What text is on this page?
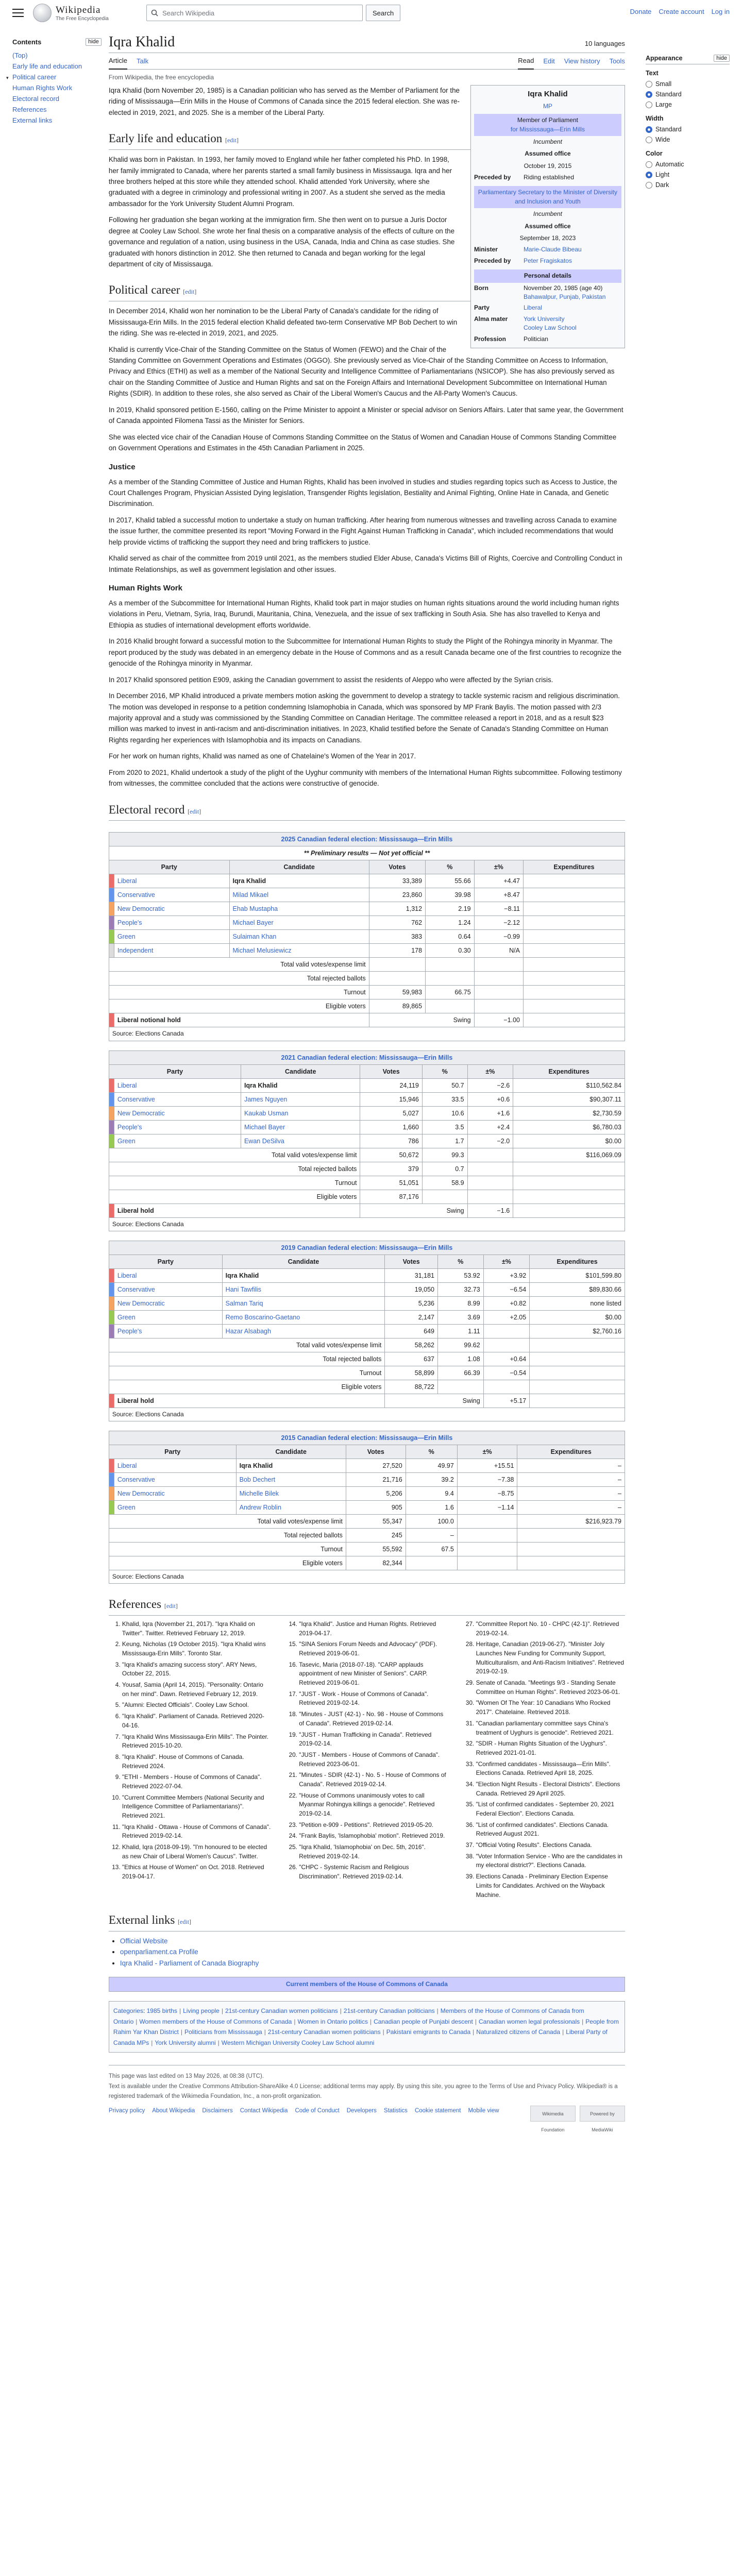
Wikipedia
The Free Encyclopedia
Search Wikipedia	Search	Donate Create account Log in
Contents	hide
(Top)
Early life and education
▾ Political career
Human Rights Work
Electoral record
References
External links
Iqra Khalid	10 languages
Article Talk	Read Edit View history Tools
From Wikipedia, the free encyclopedia
Iqra Khalid
MP
Member of Parliament
for Mississauga—Erin Mills
Incumbent
Assumed office
October 19, 2015
Preceded by	Riding established
Parliamentary Secretary to the Minister of Diversity and Inclusion and Youth
Incumbent
Assumed office
September 18, 2023
Minister	Marie-Claude Bibeau
Preceded by	Peter Fragiskatos
Personal details
Born	November 20, 1985 (age 40)
Bahawalpur, Punjab, Pakistan
Party	Liberal
Alma mater	York University
Cooley Law School
Profession	Politician

Iqra Khalid (born November 20, 1985) is a Canadian politician who has served as the Member of Parliament for the riding of Mississauga—Erin Mills in the House of Commons of Canada since the 2015 federal election. She was re-elected in 2019, 2021, and 2025. She is a member of the Liberal Party.

Early life and education [edit]

Khalid was born in Pakistan. In 1993, her family moved to England while her father completed his PhD. In 1998, her family immigrated to Canada, where her parents started a small family business in Mississauga. Iqra and her three brothers helped at this store while they attended school. Khalid attended York University, where she graduated with a degree in criminology and professional writing in 2007. As a student she served as the media ambassador for the York University Student Alumni Program.

Following her graduation she began working at the immigration firm. She then went on to pursue a Juris Doctor degree at Cooley Law School. She wrote her final thesis on a comparative analysis of the effects of culture on the governance and regulation of a nation, using business in the USA, Canada, India and China as case studies. She graduated with honors distinction in 2012. She then returned to Canada and began working for the legal department of city of Mississauga.

Political career [edit]

In December 2014, Khalid won her nomination to be the Liberal Party of Canada's candidate for the riding of Mississauga-Erin Mills. In the 2015 federal election Khalid defeated two-term Conservative MP Bob Dechert to win the riding. She was re-elected in 2019, 2021, and 2025.

Khalid is currently Vice-Chair of the Standing Committee on the Status of Women (FEWO) and the Chair of the Standing Committee on Government Operations and Estimates (OGGO). She previously served as Vice-Chair of the Standing Committee on Access to Information, Privacy and Ethics (ETHI) as well as a member of the National Security and Intelligence Committee of Parliamentarians (NSICOP). She has also previously served as chair on the Standing Committee of Justice and Human Rights and sat on the Foreign Affairs and International Development Subcommittee on International Human Rights (SDIR). In addition to these roles, she also served as Chair of the Liberal Women's Caucus and the All-Party Women's Caucus.

In 2019, Khalid sponsored petition E-1560, calling on the Prime Minister to appoint a Minister or special advisor on Seniors Affairs. Later that same year, the Government of Canada appointed Filomena Tassi as the Minister for Seniors.

She was elected vice chair of the Canadian House of Commons Standing Committee on the Status of Women and Canadian House of Commons Standing Committee on Government Operations and Estimates in the 45th Canadian Parliament in 2025.

Justice

As a member of the Standing Committee of Justice and Human Rights, Khalid has been involved in studies and studies regarding topics such as Access to Justice, the Court Challenges Program, Physician Assisted Dying legislation, Transgender Rights legislation, Bestiality and Animal Fighting, Online Hate in Canada, and Genetic Discrimination.

In 2017, Khalid tabled a successful motion to undertake a study on human trafficking. After hearing from numerous witnesses and travelling across Canada to examine the issue further, the committee presented its report "Moving Forward in the Fight Against Human Trafficking in Canada", which included recommendations that would help provide victims of trafficking the support they need and bring traffickers to justice.

Khalid served as chair of the committee from 2019 until 2021, as the members studied Elder Abuse, Canada's Victims Bill of Rights, Coercive and Controlling Conduct in Intimate Relationships, as well as government legislation and other issues.

Human Rights Work

As a member of the Subcommittee for International Human Rights, Khalid took part in major studies on human rights situations around the world including human rights violations in Peru, Vietnam, Syria, Iraq, Burundi, Mauritania, China, Venezuela, and the issue of sex trafficking in South Asia. She has also travelled to Kenya and Ethiopia as studies of international development efforts worldwide.

In 2016 Khalid brought forward a successful motion to the Subcommittee for International Human Rights to study the Plight of the Rohingya minority in Myanmar. The report produced by the study was debated in an emergency debate in the House of Commons and as a result Canada became one of the first countries to recognize the genocide of the Rohingya minority in Myanmar.

In 2017 Khalid sponsored petition E909, asking the Canadian government to assist the residents of Aleppo who were affected by the Syrian crisis.

In December 2016, MP Khalid introduced a private members motion asking the government to develop a strategy to tackle systemic racism and religious discrimination. The motion was developed in response to a petition condemning Islamophobia in Canada, which was sponsored by MP Frank Baylis. The motion passed with 2/3 majority approval and a study was commissioned by the Standing Committee on Canadian Heritage. The committee released a report in 2018, and as a result $23 million was marked to invest in anti-racism and anti-discrimination initiatives. In 2023, Khalid testified before the Senate of Canada's Standing Committee on Human Rights regarding her experiences with Islamophobia and its impacts on Canadians.

For her work on human rights, Khalid was named as one of Chatelaine's Women of the Year in 2017.

From 2020 to 2021, Khalid undertook a study of the plight of the Uyghur community with members of the International Human Rights subcommittee. Following testimony from witnesses, the committee concluded that the actions were constructive of genocide.

Electoral record [edit]
2025 Canadian federal election: Mississauga—Erin Mills						
** Preliminary results — Not yet official **						
Party		Candidate	Votes	%	±%	Expenditures
	Liberal	Iqra Khalid	33,389	55.66	+4.47	
	Conservative	Milad Mikael	23,860	39.98	+8.47	
	New Democratic	Ehab Mustapha	1,312	2.19	−8.11	
	People's	Michael Bayer	762	1.24	−2.12	
	Green	Sulaiman Khan	383	0.64	−0.99	
	Independent	Michael Melusiewicz	178	0.30	N/A	
Total valid votes/expense limit						
Total rejected ballots						
Turnout			59,983	66.75		
Eligible voters			89,865			
	Liberal notional hold		Swing		−1.00	
Source: Elections Canada						
2021 Canadian federal election: Mississauga—Erin Mills						
Party		Candidate	Votes	%	±%	Expenditures
	Liberal	Iqra Khalid	24,119	50.7	−2.6	$110,562.84
	Conservative	James Nguyen	15,946	33.5	+0.6	$90,307.11
	New Democratic	Kaukab Usman	5,027	10.6	+1.6	$2,730.59
	People's	Michael Bayer	1,660	3.5	+2.4	$6,780.03
	Green	Ewan DeSilva	786	1.7	−2.0	$0.00
Total valid votes/expense limit			50,672	99.3		$116,069.09
Total rejected ballots			379	0.7		
Turnout			51,051	58.9		
Eligible voters			87,176			
	Liberal hold		Swing		−1.6	
Source: Elections Canada						
2019 Canadian federal election: Mississauga—Erin Mills						
Party		Candidate	Votes	%	±%	Expenditures
	Liberal	Iqra Khalid	31,181	53.92	+3.92	$101,599.80
	Conservative	Hani Tawfilis	19,050	32.73	−6.54	$89,830.66
	New Democratic	Salman Tariq	5,236	8.99	+0.82	none listed
	Green	Remo Boscarino-Gaetano	2,147	3.69	+2.05	$0.00
	People's	Hazar Alsabagh	649	1.11		$2,760.16
Total valid votes/expense limit			58,262	99.62		
Total rejected ballots			637	1.08	+0.64	
Turnout			58,899	66.39	−0.54	
Eligible voters			88,722			
	Liberal hold		Swing		+5.17	
Source: Elections Canada						
2015 Canadian federal election: Mississauga—Erin Mills						
Party		Candidate	Votes	%	±%	Expenditures
	Liberal	Iqra Khalid	27,520	49.97	+15.51	–
	Conservative	Bob Dechert	21,716	39.2	−7.38	–
	New Democratic	Michelle Bilek	5,206	9.4	−8.75	–
	Green	Andrew Roblin	905	1.6	−1.14	–
Total valid votes/expense limit			55,347	100.0		$216,923.79
Total rejected ballots			245	–		
Turnout			55,592	67.5		
Eligible voters			82,344			
Source: Elections Canada						
References [edit]
1. Khalid, Iqra (November 21, 2017). "Iqra Khalid on Twitter". Twitter. Retrieved February 12, 2019.
2. Keung, Nicholas (19 October 2015). "Iqra Khalid wins Mississauga-Erin Mills". Toronto Star.
3. "Iqra Khalid's amazing success story". ARY News, October 22, 2015.
4. Yousaf, Samia (April 14, 2015). "Personality: Ontario on her mind". Dawn. Retrieved February 12, 2019.
5. "Alumni: Elected Officials". Cooley Law School.
6. "Iqra Khalid". Parliament of Canada. Retrieved 2020-04-16.
7. "Iqra Khalid Wins Mississauga-Erin Mills". The Pointer. Retrieved 2015-10-20.
8. "Iqra Khalid". House of Commons of Canada. Retrieved 2024.
9. "ETHI - Members - House of Commons of Canada". Retrieved 2022-07-04.
10. "Current Committee Members (National Security and Intelligence Committee of Parliamentarians)". Retrieved 2021.
11. "Iqra Khalid - Ottawa - House of Commons of Canada". Retrieved 2019-02-14.
12. Khalid, Iqra (2018-09-19). "I'm honoured to be elected as new Chair of Liberal Women's Caucus". Twitter.
13. "Ethics at House of Women" on Oct. 2018. Retrieved 2019-04-17.
14. "Iqra Khalid". Justice and Human Rights. Retrieved 2019-04-17.
15. "SINA Seniors Forum Needs and Advocacy" (PDF). Retrieved 2019-06-01.
16. Tasevic, Maria (2018-07-18). "CARP applauds appointment of new Minister of Seniors". CARP. Retrieved 2019-06-01.
17. "JUST - Work - House of Commons of Canada". Retrieved 2019-02-14.
18. "Minutes - JUST (42-1) - No. 98 - House of Commons of Canada". Retrieved 2019-02-14.
19. "JUST - Human Trafficking in Canada". Retrieved 2019-02-14.
20. "JUST - Members - House of Commons of Canada". Retrieved 2023-06-01.
21. "Minutes - SDIR (42-1) - No. 5 - House of Commons of Canada". Retrieved 2019-02-14.
22. "House of Commons unanimously votes to call Myanmar Rohingya killings a genocide". Retrieved 2019-02-14.
23. "Petition e-909 - Petitions". Retrieved 2019-05-20.
24. "Frank Baylis, 'Islamophobia' motion". Retrieved 2019.
25. "Iqra Khalid, 'Islamophobia' on Dec. 5th, 2016". Retrieved 2019-02-14.
26. "CHPC - Systemic Racism and Religious Discrimination". Retrieved 2019-02-14.
27. "Committee Report No. 10 - CHPC (42-1)". Retrieved 2019-02-14.
28. Heritage, Canadian (2019-06-27). "Minister Joly Launches New Funding for Community Support, Multiculturalism, and Anti-Racism Initiatives". Retrieved 2019-02-19.
29. Senate of Canada. "Meetings 9/3 - Standing Senate Committee on Human Rights". Retrieved 2023-06-01.
30. "Women Of The Year: 10 Canadians Who Rocked 2017". Chatelaine. Retrieved 2018.
31. "Canadian parliamentary committee says China's treatment of Uyghurs is genocide". Retrieved 2021.
32. "SDIR - Human Rights Situation of the Uyghurs". Retrieved 2021-01-01.
33. "Confirmed candidates - Mississauga—Erin Mills". Elections Canada. Retrieved April 18, 2025.
34. "Election Night Results - Electoral Districts". Elections Canada. Retrieved 29 April 2025.
35. "List of confirmed candidates - September 20, 2021 Federal Election". Elections Canada.
36. "List of confirmed candidates". Elections Canada. Retrieved August 2021.
37. "Official Voting Results". Elections Canada.
38. "Voter Information Service - Who are the candidates in my electoral district?". Elections Canada.
39. Elections Canada - Preliminary Election Expense Limits for Candidates. Archived on the Wayback Machine.
External links [edit]
• Official Website
• openparliament.ca Profile
• Iqra Khalid - Parliament of Canada Biography
Current members of the House of Commons of Canada
Categories: 1985 births | Living people | 21st-century Canadian women politicians | 21st-century Canadian politicians | Members of the House of Commons of Canada from Ontario | Women members of the House of Commons of Canada | Women in Ontario politics | Canadian people of Punjabi descent | Canadian women legal professionals | People from Rahim Yar Khan District | Politicians from Mississauga | 21st-century Canadian women politicians | Pakistani emigrants to Canada | Naturalized citizens of Canada | Liberal Party of Canada MPs | York University alumni | Western Michigan University Cooley Law School alumni
This page was last edited on 13 May 2026, at 08:38 (UTC).
Text is available under the Creative Commons Attribution-ShareAlike 4.0 License; additional terms may apply. By using this site, you agree to the Terms of Use and Privacy Policy. Wikipedia® is a registered trademark of the Wikimedia Foundation, Inc., a non-profit organization.
Privacy policy About Wikipedia Disclaimers Contact Wikipedia Code of Conduct Developers Statistics Cookie statement Mobile view
Wikimedia Foundation
Powered by MediaWiki
Appearance	hide
Text
Small
Standard
Large
Width
Standard
Wide
Color
Automatic
Light
Dark
